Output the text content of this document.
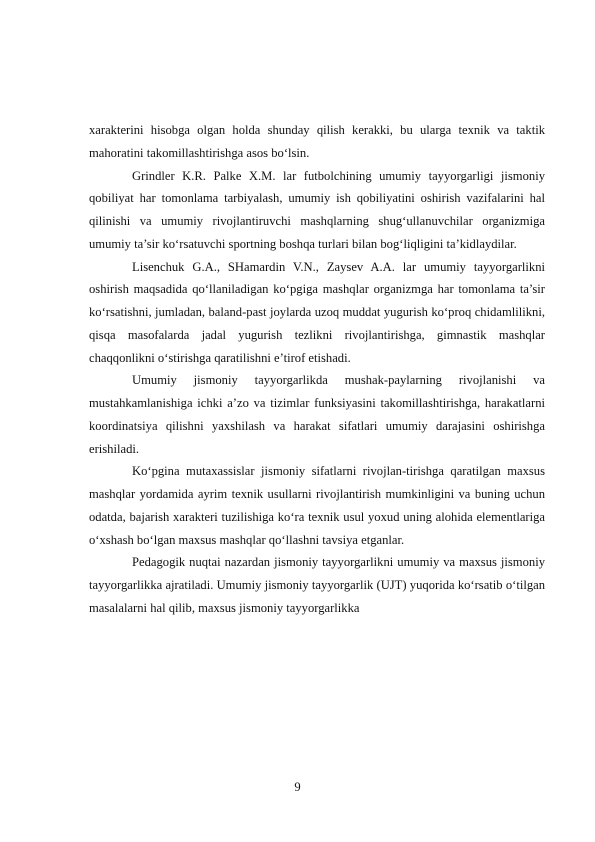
xarakterini hisobga olgan holda shunday qilish kerakki, bu ularga texnik va taktik mahoratini takomillashtirishga asos bo‘lsin.

Grindler K.R. Palke X.M. lar futbolchining umumiy tayyorgarligi jismoniy qobiliyat har tomonlama tarbiyalash, umumiy ish qobiliyatini oshirish vazifalarini hal qilinishi va umumiy rivojlantiruvchi mashqlarning shug‘ullanuvchilar organizmiga umumiy ta’sir ko‘rsatuvchi sportning boshqa turlari bilan bog‘liqligini ta’kidlaydilar.

Lisenchuk G.A., SHamardin V.N., Zaysev A.A. lar umumiy tayyorgarlikni oshirish maqsadida qo‘llaniladigan ko‘pgiga mashqlar organizmga har tomonlama ta’sir ko‘rsatishni, jumladan, baland-past joylarda uzoq muddat yugurish ko‘proq chidamlilikni, qisqa masofalarda jadal yugurish tezlikni rivojlantirishga, gimnastik mashqlar chaqqonlikni o‘stirishga qaratilishni e’tirof etishadi.

Umumiy jismoniy tayyorgarlikda mushak-paylarning rivojlanishi va mustahkamlanishiga ichki a’zo va tizimlar funksiyasini takomillashtirishga, harakatlarni koordinatsiya qilishni yaxshilash va harakat sifatlari umumiy darajasini oshirishga erishiladi.

Ko‘pgina mutaxassislar jismoniy sifatlarni rivojlan-tirishga qaratilgan maxsus mashqlar yordamida ayrim texnik usullarni rivojlantirish mumkinligini va buning uchun odatda, bajarish xarakteri tuzilishiga ko‘ra texnik usul yoxud uning alohida elementlariga o‘xshash bo‘lgan maxsus mashqlar qo‘llashni tavsiya etganlar.

Pedagogik nuqtai nazardan jismoniy tayyorgarlikni umumiy va maxsus jismoniy tayyorgarlikka ajratiladi. Umumiy jismoniy tayyorgarlik (UJT) yuqorida ko‘rsatib o‘tilgan masalalarni hal qilib, maxsus jismoniy tayyorgarlikka

9
